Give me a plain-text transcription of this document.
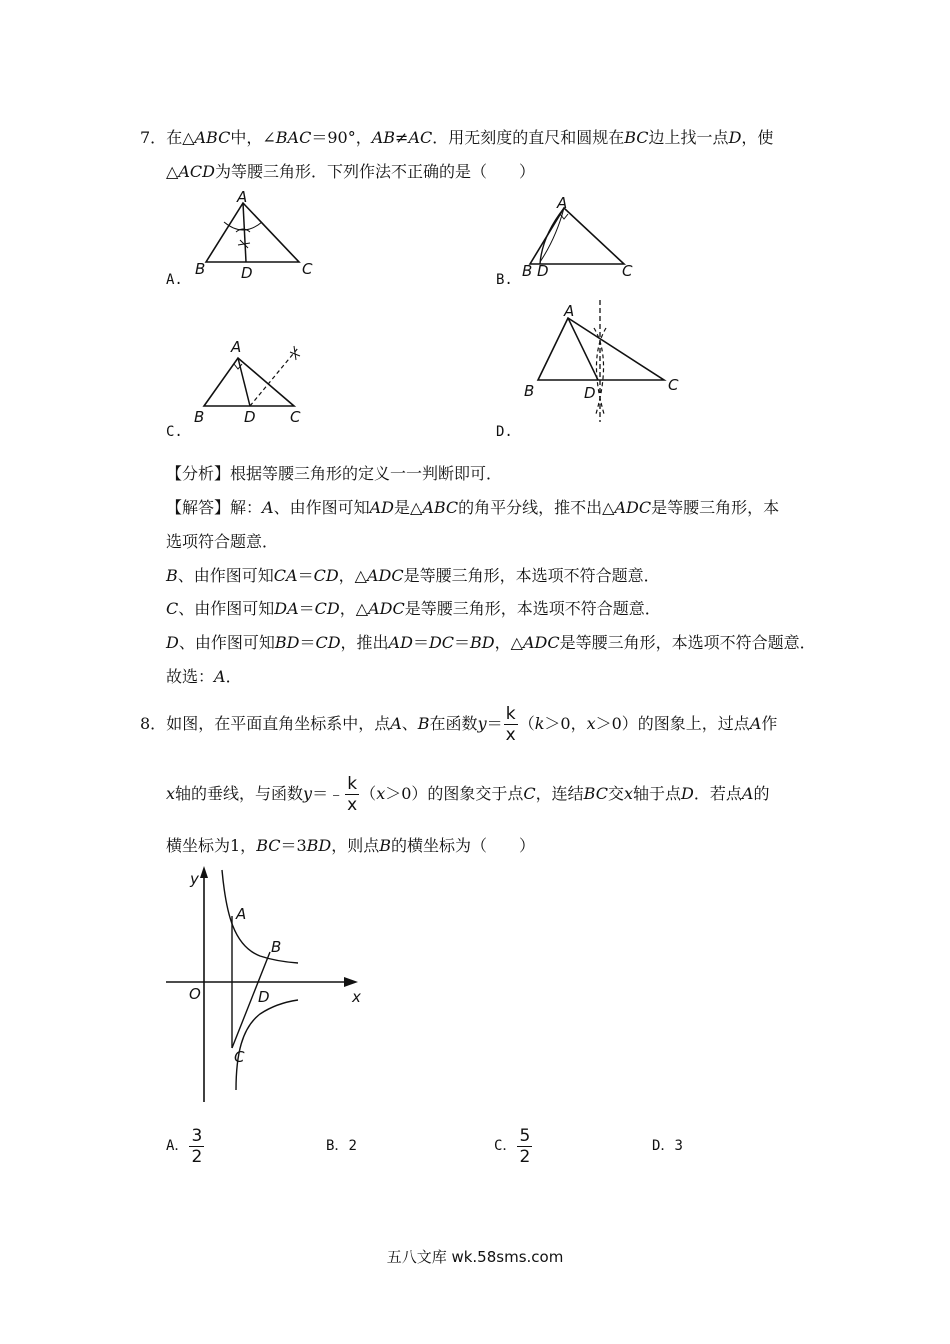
7．在△ABC中，∠BAC＝90°，AB≠AC．用无刻度的直尺和圆规在BC边上找一点D，使
△ACD为等腰三角形．下列作法不正确的是（　　）
A
B D	C
A.
A
B D	C
B.
A
B	D C
C.
A
B	D	C
D.
【分析】根据等腰三角形的定义一一判断即可．
【解答】解：A、由作图可知AD是△ABC的角平分线，推不出△ADC是等腰三角形，本
选项符合题意．
B、由作图可知CA＝CD，△ADC是等腰三角形，本选项不符合题意．
C、由作图可知DA＝CD，△ADC是等腰三角形，本选项不符合题意．
D、由作图可知BD＝CD，推出AD＝DC＝BD，△ADC是等腰三角形，本选项不符合题意．
故选：A．
8．如图，在平面直角坐标系中，点A、B在函数$y= \frac{k}{x} (k>0$，x＞0）的图象上，过点A作
x轴的垂线，与函数y＝﹣ $\frac{k}{x} (x>0)$的图象交于点C，连结BC交x轴于点D．若点A的
横坐标为1，BC＝3BD，则点B的横坐标为（　　）
y
x
O
A
B
D
C
A． $\frac{3}{2}$	B．2	C． $\frac{5}{2}$	D．3
五八文库 wk.58sms.com
